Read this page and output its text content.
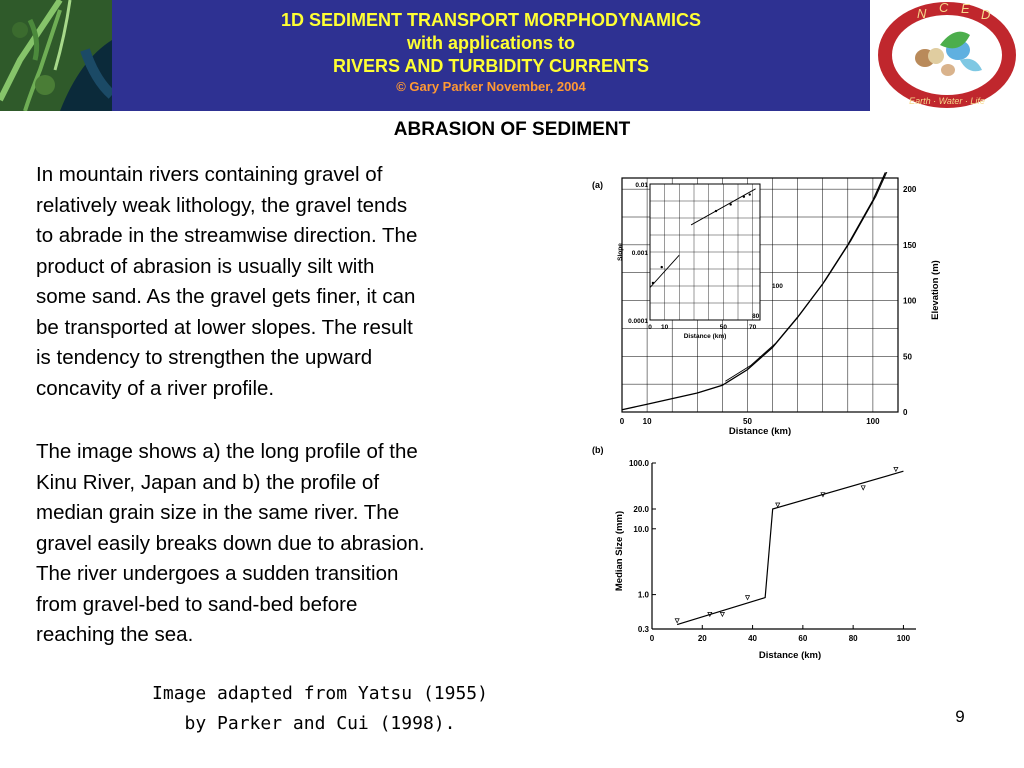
1D SEDIMENT TRANSPORT MORPHODYNAMICS
with applications to
RIVERS AND TURBIDITY CURRENTS
© Gary Parker November, 2004
N C E D
Earth · Water · Life
ABRASION OF SEDIMENT
In mountain rivers containing gravel of
relatively weak lithology, the gravel tends
to abrade in the streamwise direction. The
product of abrasion is usually silt with
some sand. As the gravel gets finer, it can
be transported at lower slopes. The result
is tendency to strengthen the upward
concavity of a river profile.
The image shows a) the long profile of the
Kinu River, Japan and b) the profile of
median grain size in the same river. The
gravel easily breaks down due to abrasion.
The river undergoes a sudden transition
from gravel-bed to sand-bed before
reaching the sea.
(a)
0 10	50	70
0.01
0.001
0.0001
Distance (km)
Slope
100
80
0 10	50	100
0
50
100
150
200
Distance (km)
Elevation (m)
(b)
0	20	40	60	80	100
0.3
1.0
10.0
20.0
100.0
Distance (km)
Median Size (mm)
Image adapted from Yatsu (1955)
by Parker and Cui (1998).	9
